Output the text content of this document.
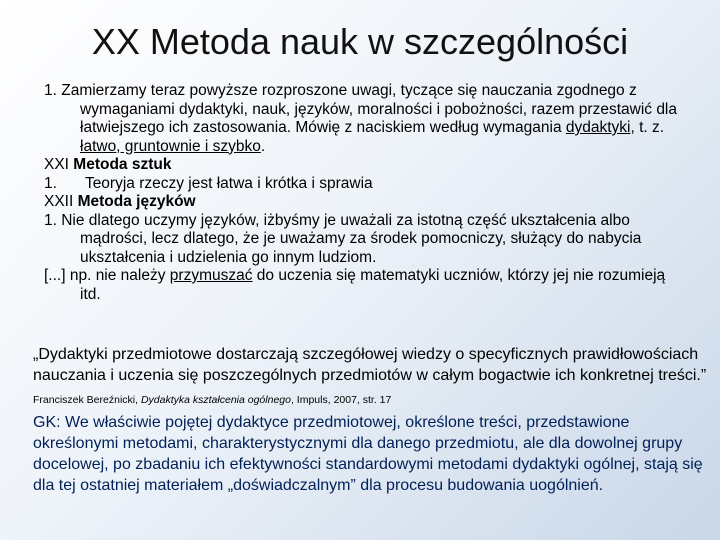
XX Metoda nauk w szczególności

1. Zamierzamy teraz powyższe rozproszone uwagi, tyczące się nauczania zgodnego z wymaganiami dydaktyki, nauk, języków, moralności i pobożności, razem przestawić dla łatwiejszego ich zastosowania. Mówię z naciskiem według wymagania dydaktyki, t. z. łatwo, gruntownie i szybko.

XXI Metoda sztuk

1. Teoryja rzeczy jest łatwa i krótka i sprawia

XXII Metoda języków

1. Nie dlatego uczymy języków, iżbyśmy je uważali za istotną część ukształcenia albo mądrości, lecz dlatego, że je uważamy za środek pomocniczy, służący do nabycia ukształcenia i udzielenia go innym ludziom.

[...] np. nie należy przymuszać do uczenia się matematyki uczniów, którzy jej nie rozumieją itd.

„Dydaktyki przedmiotowe dostarczają szczegółowej wiedzy o specyficznych prawidłowościach nauczania i uczenia się poszczególnych przedmiotów w całym bogactwie ich konkretnej treści.” Franciszek Bereźnicki, Dydaktyka kształcenia ogólnego, Impuls, 2007, str. 17

GK: We właściwie pojętej dydaktyce przedmiotowej, określone treści, przedstawione określonymi metodami, charakterystycznymi dla danego przedmiotu, ale dla dowolnej grupy docelowej, po zbadaniu ich efektywności standardowymi metodami dydaktyki ogólnej, stają się dla tej ostatniej materiałem „doświadczalnym” dla procesu budowania uogólnień.
